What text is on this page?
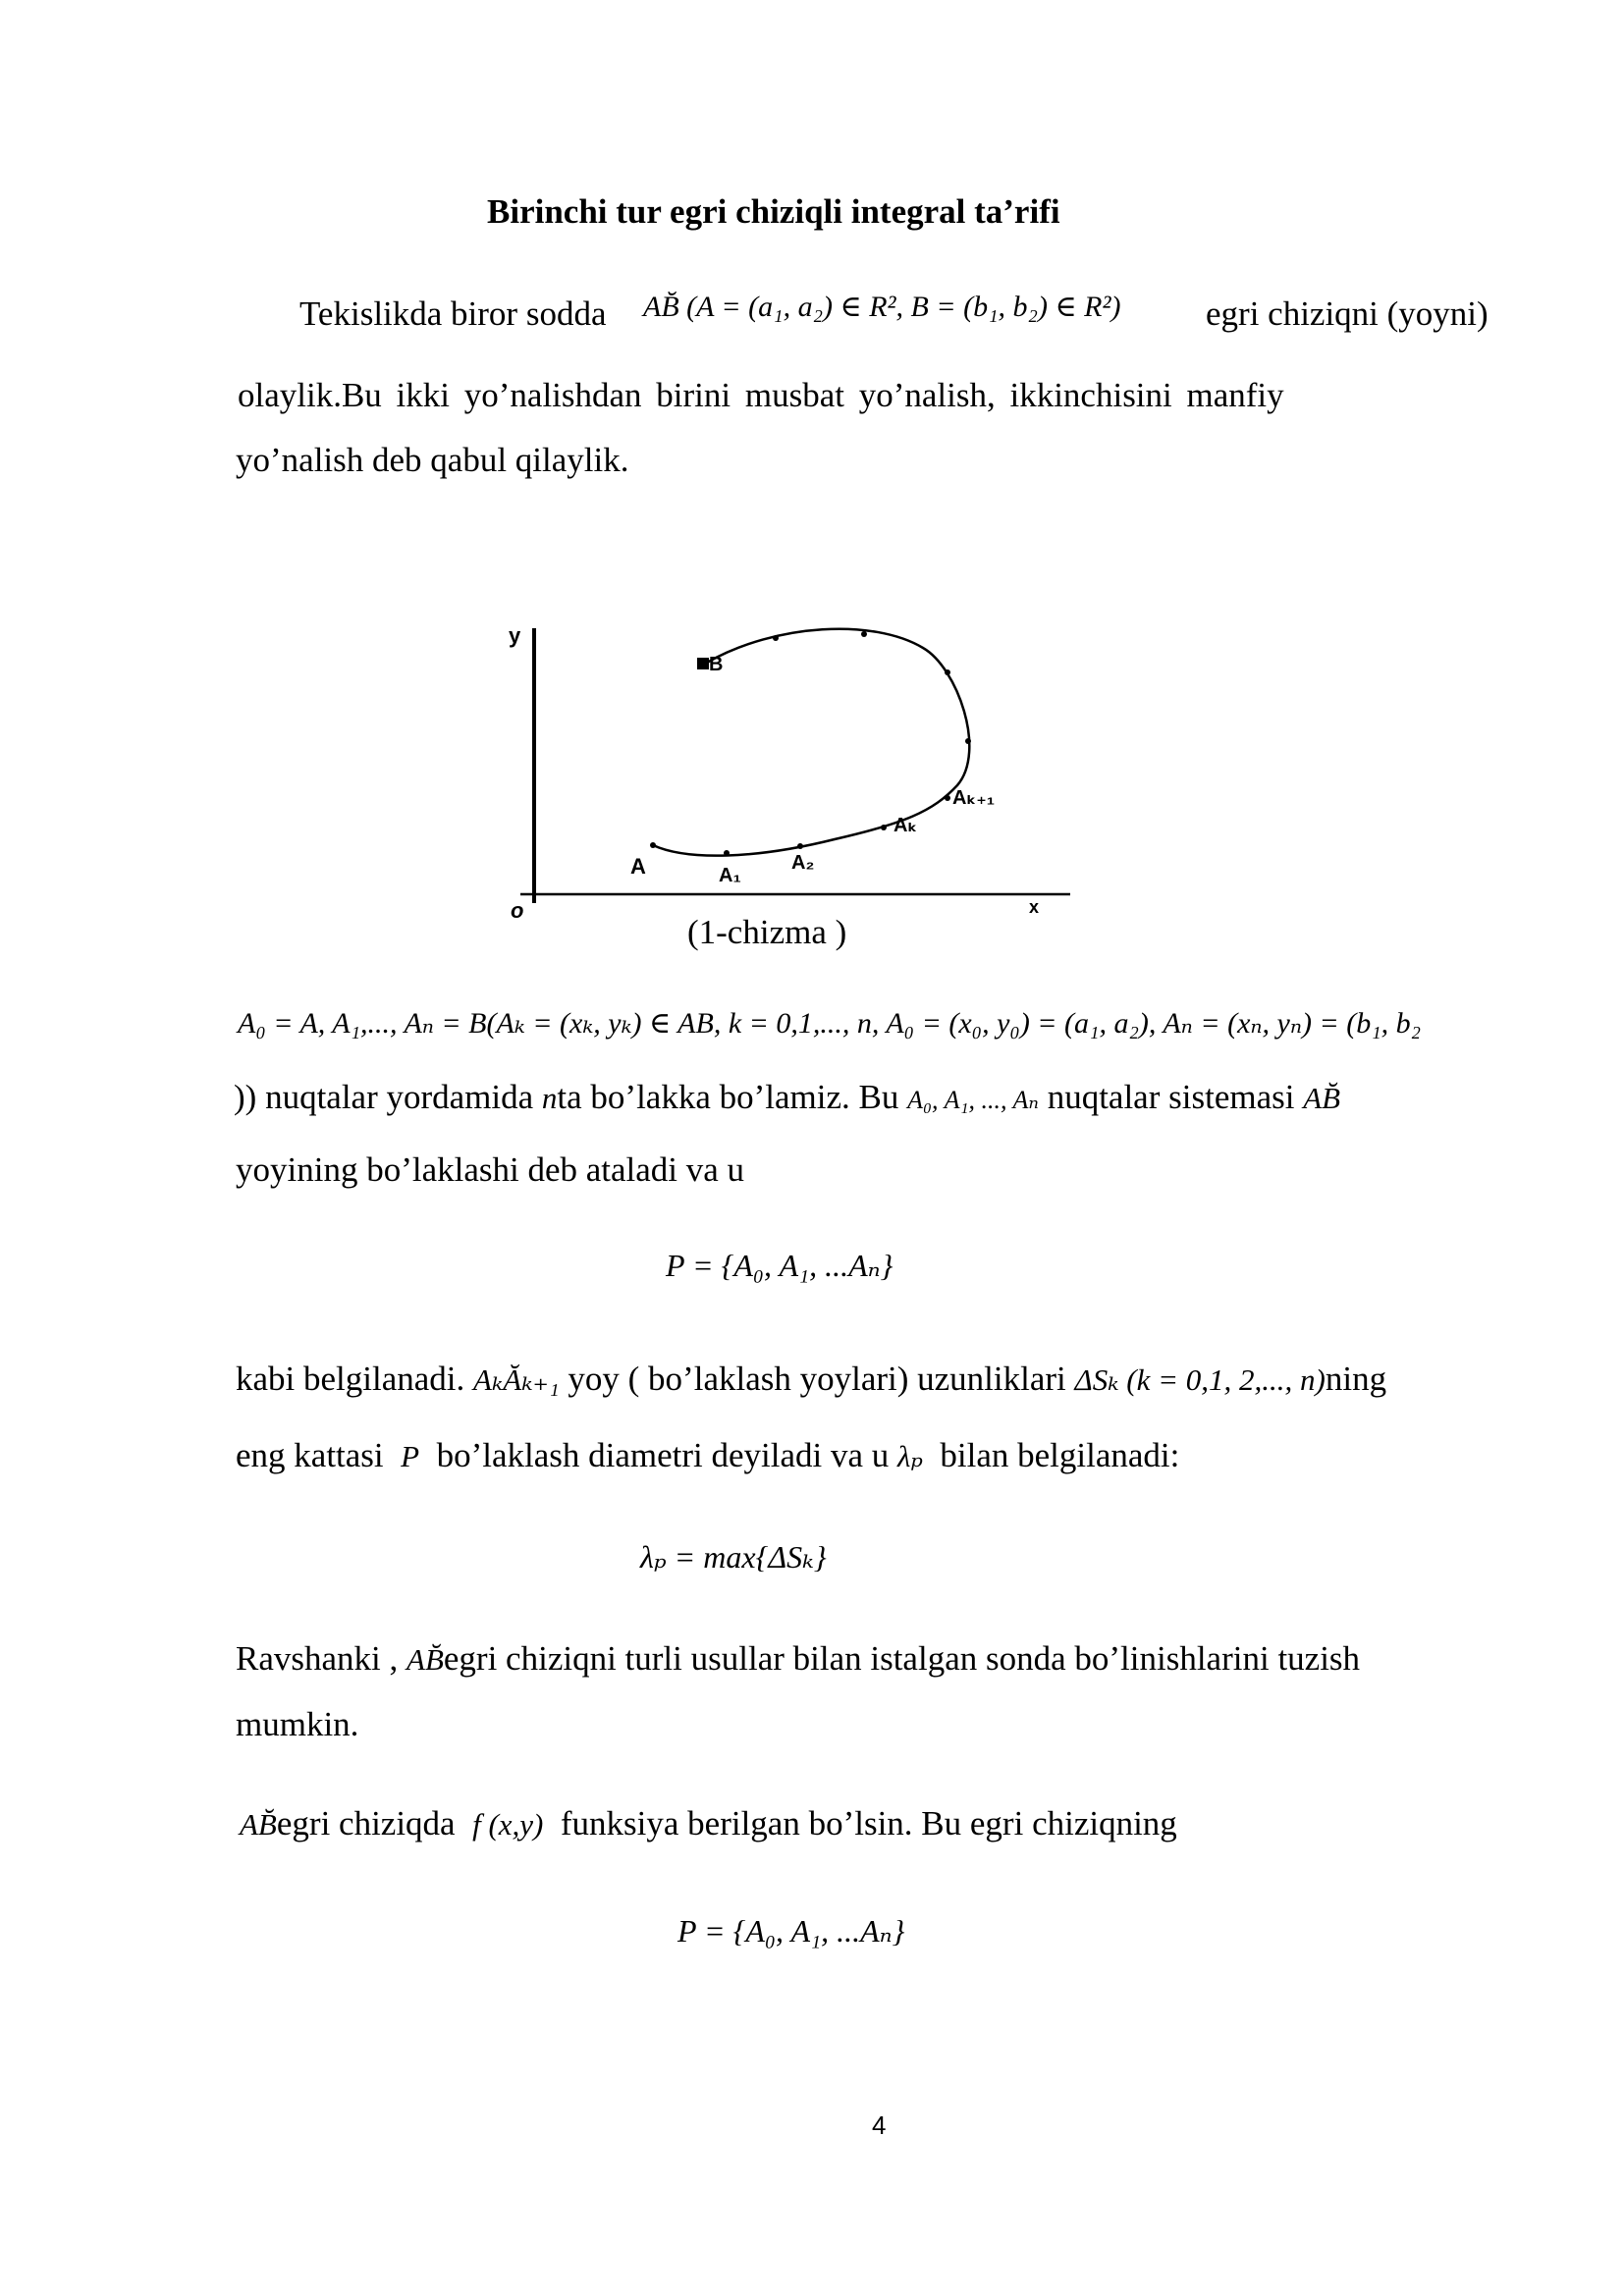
Birinchi tur egri chiziqli integral ta’rifi
Tekislikda biror sodda AB̆ (A = (a₁, a₂) ∈ R², B = (b₁, b₂) ∈ R²) egri chiziqni (yoyni)
olaylik.Bu ikki yo’nalishdan birini musbat yo’nalish, ikkinchisini manfiy
yo’nalish deb qabul qilaylik.
y
o	x
B
A	A₁
A₂
Aₖ
Aₖ₊₁
(1-chizma )
A₀ = A, A₁,..., Aₙ = B(Aₖ = (xₖ, yₖ) ∈ AB, k = 0,1,..., n, A₀ = (x₀, y₀) = (a₁, a₂), Aₙ = (xₙ, yₙ) = (b₁, b₂
)) nuqtalar yordamida nta bo’lakka bo’lamiz. Bu A₀, A₁, ..., Aₙ nuqtalar sistemasi AB̆
yoyining bo’laklashi deb ataladi va u
P = {A₀, A₁, ...Aₙ}
kabi belgilanadi. AₖĂₖ₊₁ yoy ( bo’laklash yoylari) uzunliklari ΔSₖ (k = 0,1, 2,..., n)ning
eng kattasi P bo’laklash diametri deyiladi va u λₚ bilan belgilanadi:
λₚ = max{ΔSₖ}
Ravshanki , AB̆egri chiziqni turli usullar bilan istalgan sonda bo’linishlarini tuzish
mumkin.
AB̆egri chiziqda f (x,y) funksiya berilgan bo’lsin. Bu egri chiziqning
P = {A₀, A₁, ...Aₙ}
4
